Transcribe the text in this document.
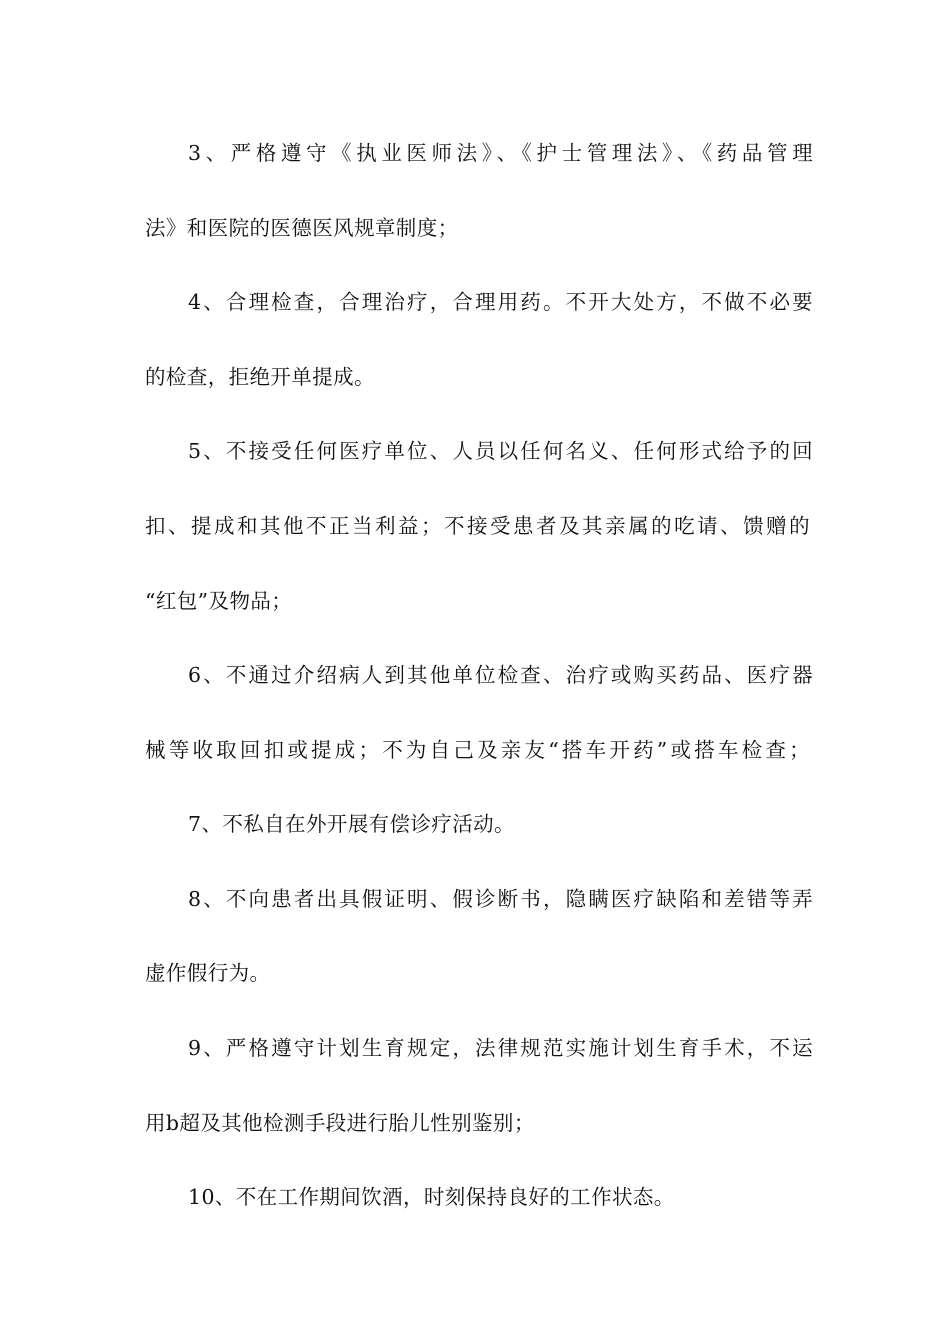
3、严格遵守《执业医师法》、《护士管理法》、《药品管理

法》和医院的医德医风规章制度；

4、合理检查，合理治疗，合理用药。不开大处方，不做不必要

的检查，拒绝开单提成。

5、不接受任何医疗单位、人员以任何名义、任何形式给予的回

扣、提成和其他不正当利益；不接受患者及其亲属的吃请、馈赠的

“红包”及物品；

6、不通过介绍病人到其他单位检查、治疗或购买药品、医疗器

械等收取回扣或提成；不为自己及亲友“搭车开药”或搭车检查；

7、不私自在外开展有偿诊疗活动。

8、不向患者出具假证明、假诊断书，隐瞒医疗缺陷和差错等弄

虚作假行为。

9、严格遵守计划生育规定，法律规范实施计划生育手术，不运

用b超及其他检测手段进行胎儿性别鉴别；

10、不在工作期间饮酒，时刻保持良好的工作状态。
